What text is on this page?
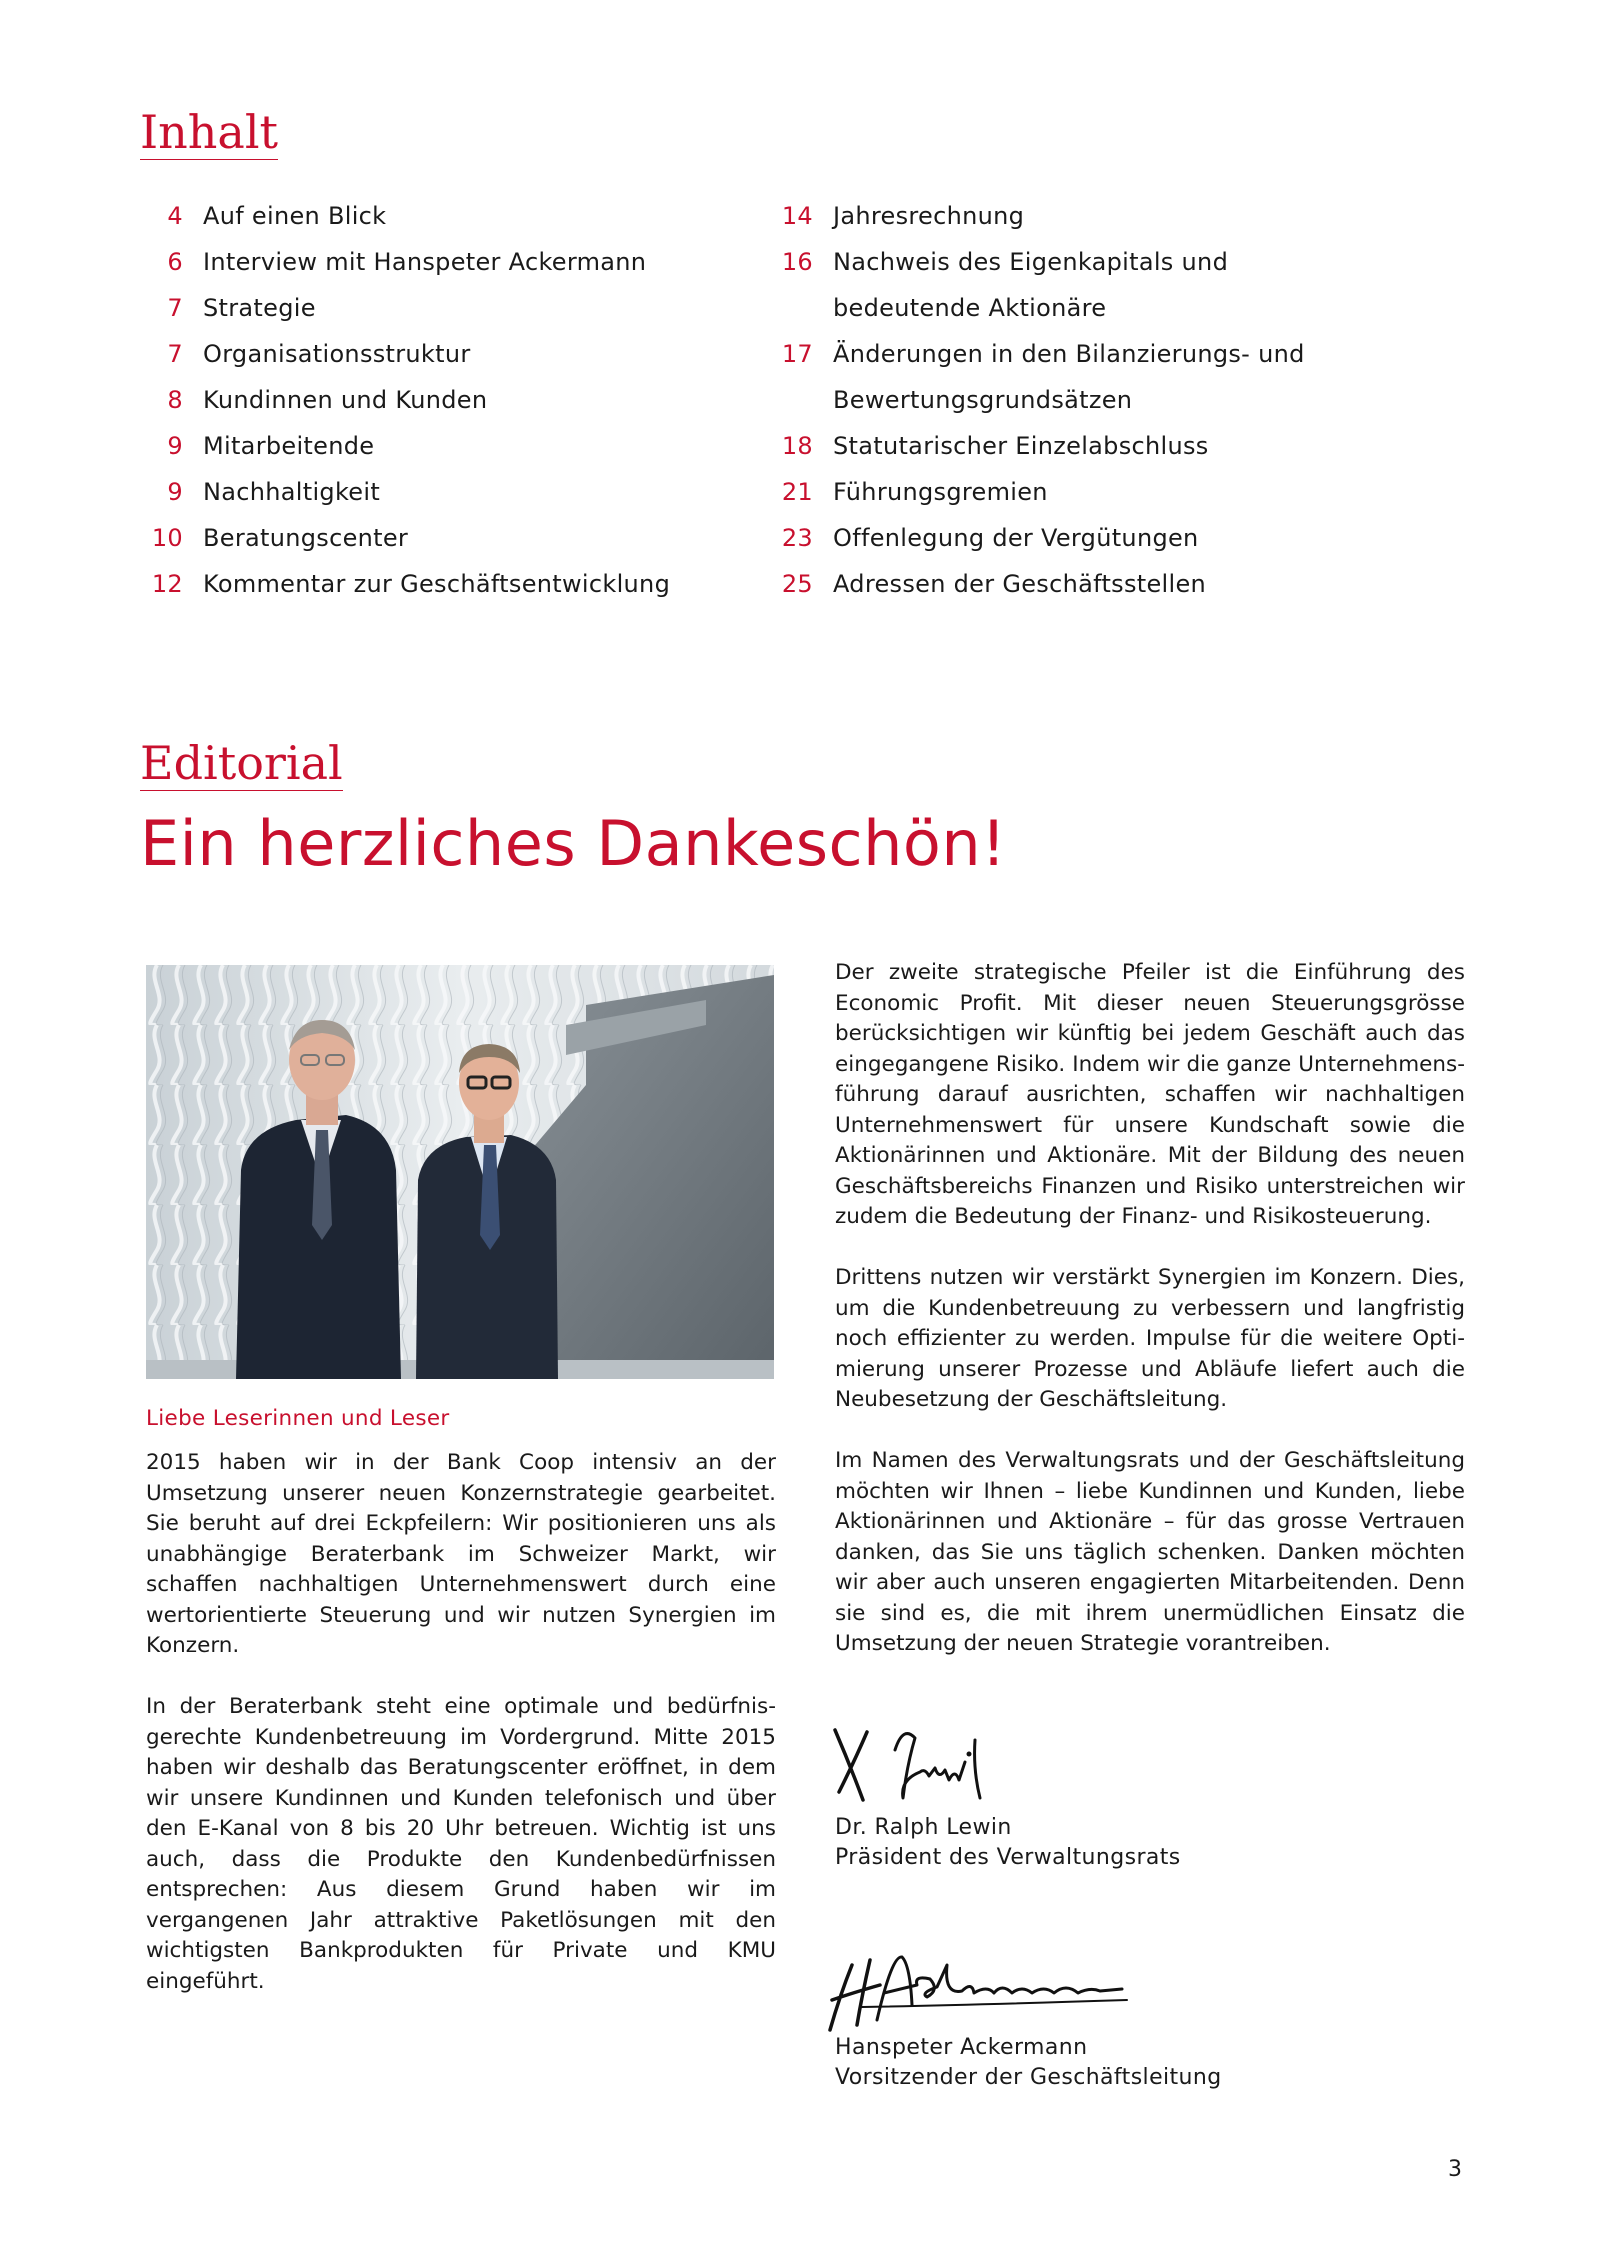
Inhalt
4 Auf einen Blick
6 Interview mit Hanspeter Ackermann
7 Strategie
7 Organisationsstruktur
8 Kundinnen und Kunden
9 Mitarbeitende
9 Nachhaltigkeit
10 Beratungscenter
12 Kommentar zur Geschäftsentwicklung
14 Jahresrechnung
16 Nachweis des Eigenkapitals und
bedeutende Aktionäre
17 Änderungen in den Bilanzierungs- und
Bewertungsgrundsätzen
18 Statutarischer Einzelabschluss
21 Führungsgremien
23 Offenlegung der Vergütungen
25 Adressen der Geschäftsstellen
Editorial
Ein herzliches Dankeschön!
Liebe Leserinnen und Leser

2015 haben wir in der Bank Coop intensiv an der Umsetzung unserer neuen Konzernstrategie gearbeitet. Sie beruht auf drei Eckpfeilern: Wir positionieren uns als unabhängige Beraterbank im Schweizer Markt, wir schaffen nachhaltigen Unternehmenswert durch eine wertorientierte Steuerung und wir nutzen Synergien im Konzern.

In der Beraterbank steht eine optimale und bedürfnisgerechte Kundenbetreuung im Vordergrund. Mitte 2015 haben wir deshalb das Beratungscenter eröffnet, in dem wir unsere Kundinnen und Kunden telefonisch und über den E-Kanal von 8 bis 20 Uhr betreuen. Wichtig ist uns auch, dass die Produkte den Kundenbedürfnissen entsprechen: Aus diesem Grund haben wir im vergangenen Jahr attraktive Paketlösungen mit den wichtigsten Bankprodukten für Private und KMU eingeführt.

Der zweite strategische Pfeiler ist die Einführung des Economic Profit. Mit dieser neuen Steuerungsgrösse berücksichtigen wir künftig bei jedem Geschäft auch das eingegangene Risiko. Indem wir die ganze Unternehmensführung darauf ausrichten, schaffen wir nachhaltigen Unternehmenswert für unsere Kundschaft sowie die Aktionärinnen und Aktionäre. Mit der Bildung des neuen Geschäftsbereichs Finanzen und Risiko unterstreichen wir zudem die Bedeutung der Finanz- und Risikosteuerung.

Drittens nutzen wir verstärkt Synergien im Konzern. Dies, um die Kundenbetreuung zu verbessern und langfristig noch effizienter zu werden. Impulse für die weitere Optimierung unserer Prozesse und Abläufe liefert auch die Neubesetzung der Geschäftsleitung.

Im Namen des Verwaltungsrats und der Geschäftsleitung möchten wir Ihnen – liebe Kundinnen und Kunden, liebe Aktionärinnen und Aktionäre – für das grosse Vertrauen danken, das Sie uns täglich schenken. Danken möchten wir aber auch unseren engagierten Mitarbeitenden. Denn sie sind es, die mit ihrem unermüdlichen Einsatz die Umsetzung der neuen Strategie vorantreiben.

Dr. Ralph Lewin
Präsident des Verwaltungsrats
Hanspeter Ackermann
Vorsitzender der Geschäftsleitung
3
